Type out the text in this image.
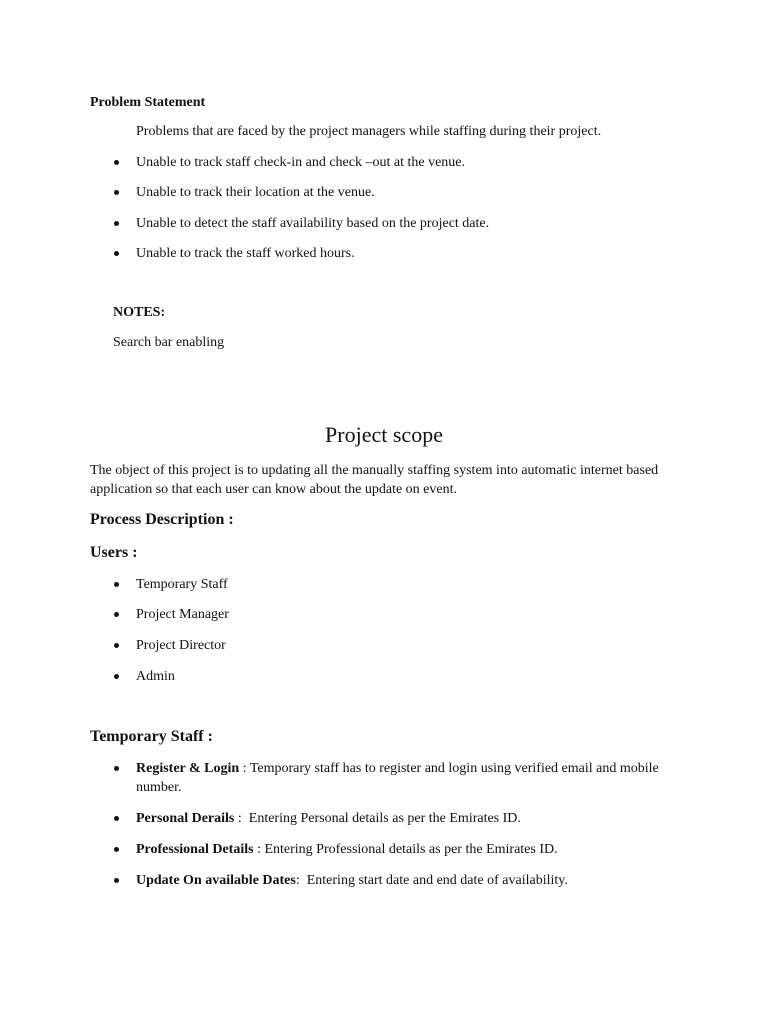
Problem Statement
Problems that are faced by the project managers while staffing during their project.
Unable to track staff check-in and check –out at the venue.
Unable to track their location at the venue.
Unable to detect the staff availability based on the project date.
Unable to track the staff worked hours.
NOTES:
Search bar enabling
Project scope
The object of this project is to updating all the manually staffing system into automatic internet based application so that each user can know about the update on event.
Process Description :
Users :
Temporary Staff
Project Manager
Project Director
Admin
Temporary Staff :
Register & Login : Temporary staff has to register and login using verified email and mobile number.
Personal Derails :  Entering Personal details as per the Emirates ID.
Professional Details : Entering Professional details as per the Emirates ID.
Update On available Dates:  Entering start date and end date of availability.
